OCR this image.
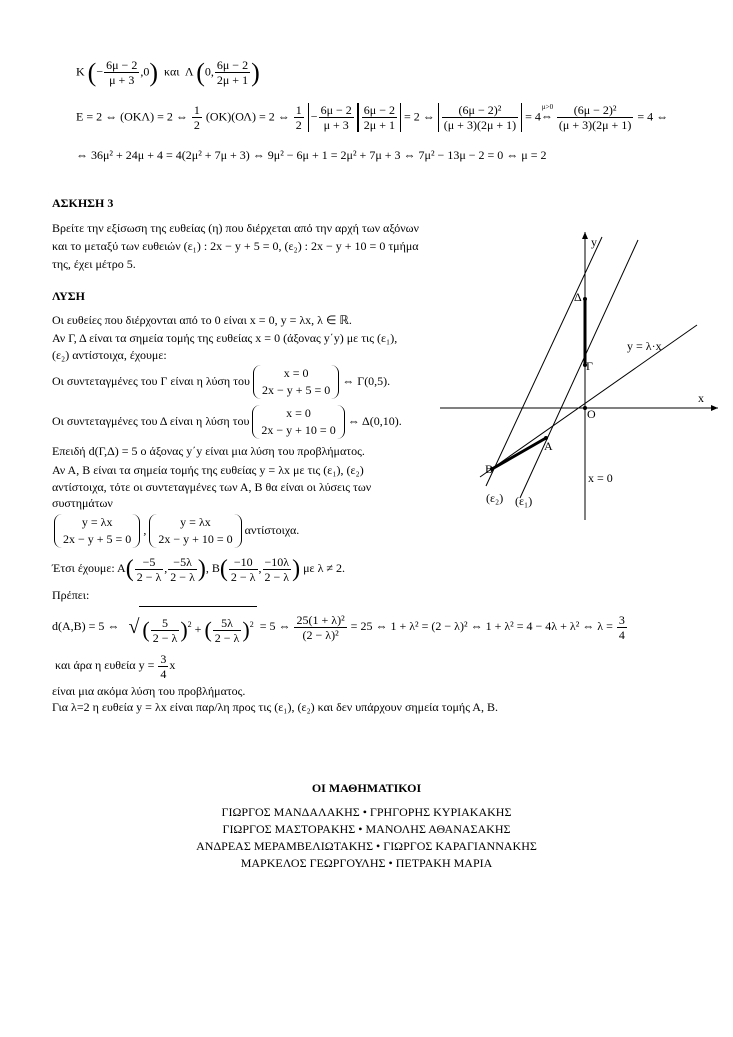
K (− $\frac{6\mu - 2}{\mu + 3} ,0$) και Λ (0, $\frac{6\mu - 2}{2\mu + 1}$ )
E = 2 ⇔ (ΟΚΛ) = 2 ⇔ $\frac{1}{2} (OK)(O\Lambda) = 2$ ⇔ $\frac{1}{2} - \frac{6\mu - 2}{\mu + 3} \frac{6\mu - 2}{2\mu + 1} = 2$ ⇔ $\frac{\text{(6μ − 2)²}}{(\mu + 3)(2\mu + 1)} = 4$
μ>0
⇔ $\frac{\text{(6μ − 2)²}}{(\mu + 3)(2\mu + 1)} = 4$ ⇔
⇔ 36μ² + 24μ + 4 = 4(2μ² + 7μ + 3) ⇔ 9μ² − 6μ + 1 = 2μ² + 7μ + 3 ⇔ 7μ² − 13μ − 2 = 0 ⇔ μ = 2
ΑΣΚΗΣΗ 3
Βρείτε την εξίσωση της ευθείας (η) που διέρχεται από την αρχή των αξόνων
και το μεταξύ των ευθειών (ε₁) : 2x − y + 5 = 0, (ε₂) : 2x − y + 10 = 0 τμήμα
της, έχει μέτρο 5.
ΛΥΣΗ
Οι ευθείες που διέρχονται από το 0 είναι x = 0, y = λx, λ ∈ ℝ.
Αν Γ, Δ είναι τα σημεία τομής της ευθείας x = 0 (άξονας y΄y) με τις (ε₁),
(ε₂) αντίστοιχα, έχουμε:
Οι συντεταγμένες του Γ είναι η λύση του
x = 0
2x − y + 5 = 0
⇔ Γ(0,5).
Οι συντεταγμένες του Δ είναι η λύση του
x = 0
2x − y + 10 = 0
⇔ Δ(0,10).
Επειδή d(Γ,Δ) = 5 ο άξονας y΄y είναι μια λύση του προβλήματος.
Αν Α, Β είναι τα σημεία τομής της ευθείας y = λx με τις (ε₁), (ε₂)
αντίστοιχα, τότε οι συντεταγμένες των Α, Β θα είναι οι λύσεις των
συστημάτων
y = λx
2x − y + 5 = 0
,
y = λx
2x − y + 10 = 0
αντίστοιχα.
Έτσι έχουμε: $A( \frac{-5}{2 - \lambda}$ , $\frac{-5\lambda}{2 - \lambda}$ ), $B( \frac{-10}{2 - \lambda}$ , $\frac{-10\lambda}{2 - \lambda}$ ) με λ ≠ 2.
Πρέπει:
d(A,B) = 5 ⇔ √ ( $\frac{5}{2 - \lambda} )^2$ + ( $\frac{5\lambda}{2 - \lambda} )^2 = 5$ ⇔ $\frac{\text{25(1 + λ)²}}{\text{(2 − λ)²}} = 25$ ⇔ 1 + λ² = (2 − λ)² ⇔ 1 + λ² = 4 − 4λ + λ² ⇔ $\lambda = \frac{3}{4}$
και άρα η ευθεία $y = \frac{3}{4}$ x
είναι μια ακόμα λύση του προβλήματος.
Για λ=2 η ευθεία y = λx είναι παρ/λη προς τις (ε₁), (ε₂) και δεν υπάρχουν σημεία τομής Α, Β.
y
x
O
Δ
Γ
A
B
y = λ·x
x = 0
(ε₂) (ε₁)
ΟΙ ΜΑΘΗΜΑΤΙΚΟΙ
ΓΙΩΡΓΟΣ ΜΑΝΔΑΛΑΚΗΣ • ΓΡΗΓΟΡΗΣ ΚΥΡΙΑΚΑΚΗΣ
ΓΙΩΡΓΟΣ ΜΑΣΤΟΡΑΚΗΣ • ΜΑΝΟΛΗΣ ΑΘΑΝΑΣΑΚΗΣ
ΑΝΔΡΕΑΣ ΜΕΡΑΜΒΕΛΙΩΤΑΚΗΣ • ΓΙΩΡΓΟΣ ΚΑΡΑΓΙΑΝΝΑΚΗΣ
ΜΑΡΚΕΛΟΣ ΓΕΩΡΓΟΥΛΗΣ • ΠΕΤΡΑΚΗ ΜΑΡΙΑ
